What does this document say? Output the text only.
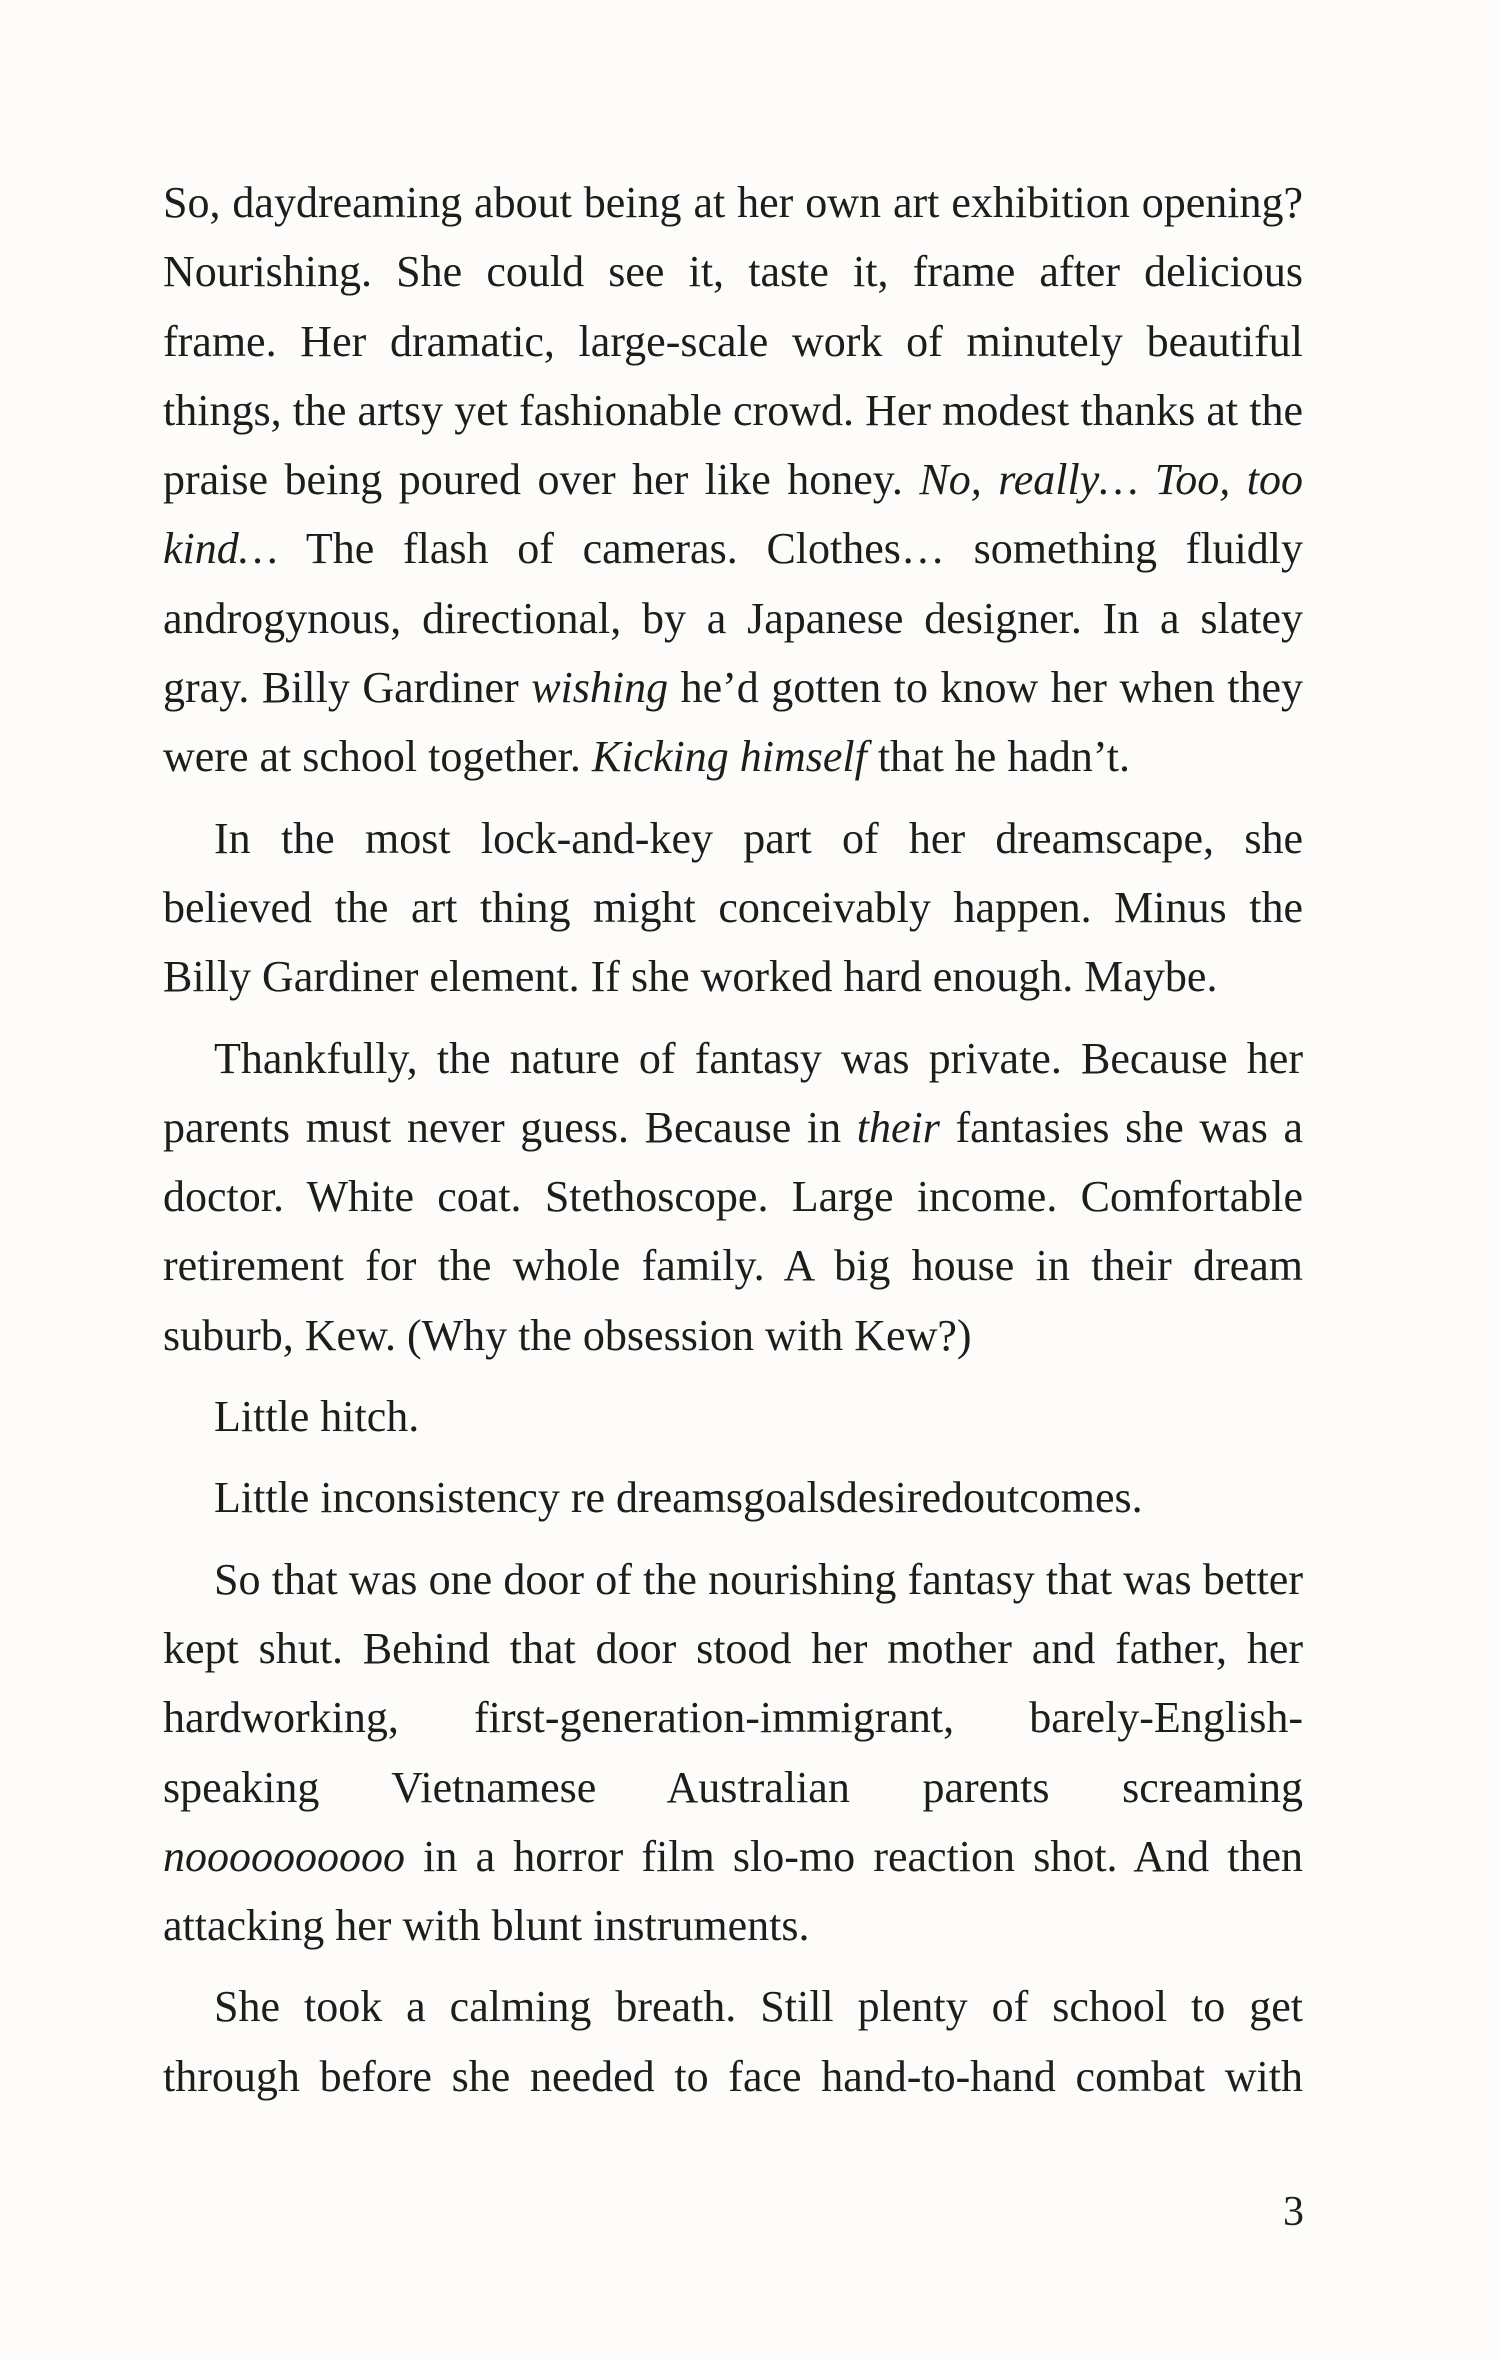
So, daydreaming about being at her own art exhibition opening? Nourishing. She could see it, taste it, frame after delicious frame. Her dramatic, large-scale work of minutely beautiful things, the artsy yet fashionable crowd. Her modest thanks at the praise being poured over her like honey. No, really… Too, too kind… The flash of cameras. Clothes… something fluidly androgynous, directional, by a Japanese designer. In a slatey gray. Billy Gardiner wishing he’d gotten to know her when they were at school together. Kicking himself that he hadn’t.

In the most lock-and-key part of her dreamscape, she believed the art thing might conceivably happen. Minus the Billy Gardiner element. If she worked hard enough. Maybe.

Thankfully, the nature of fantasy was private. Because her parents must never guess. Because in their fantasies she was a doctor. White coat. Stethoscope. Large income. Comfortable retirement for the whole family. A big house in their dream suburb, Kew. (Why the obsession with Kew?)

Little hitch.

Little inconsistency re dreamsgoalsdesiredoutcomes.

So that was one door of the nourishing fantasy that was better kept shut. Behind that door stood her mother and father, her hardworking, first-generation-immigrant, barely-English-speaking Vietnamese Australian parents screaming noooooooooo in a horror film slo-mo reaction shot. And then attacking her with blunt instruments.

She took a calming breath. Still plenty of school to get through before she needed to face hand-to-hand combat with

3
